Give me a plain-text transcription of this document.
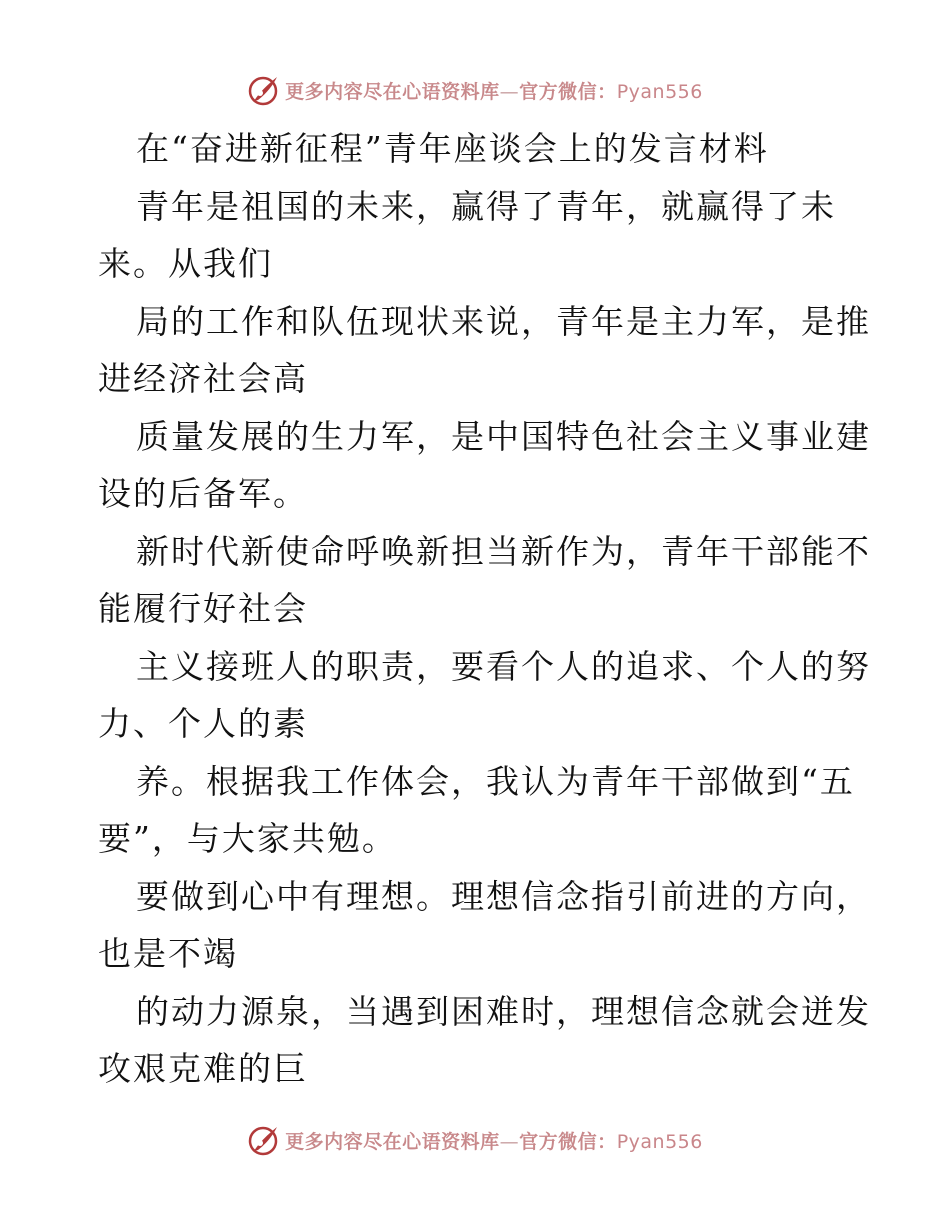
更多内容尽在心语资料库—官方微信：Pyan556
在“奋进新征程”青年座谈会上的发言材料
青年是祖国的未来，赢得了青年，就赢得了未
来。从我们
局的工作和队伍现状来说，青年是主力军，是推
进经济社会高
质量发展的生力军，是中国特色社会主义事业建
设的后备军。
新时代新使命呼唤新担当新作为，青年干部能不
能履行好社会
主义接班人的职责，要看个人的追求、个人的努
力、个人的素
养。根据我工作体会，我认为青年干部做到“五
要”，与大家共勉。
要做到心中有理想。理想信念指引前进的方向，
也是不竭
的动力源泉，当遇到困难时，理想信念就会迸发
攻艰克难的巨
更多内容尽在心语资料库—官方微信：Pyan556
